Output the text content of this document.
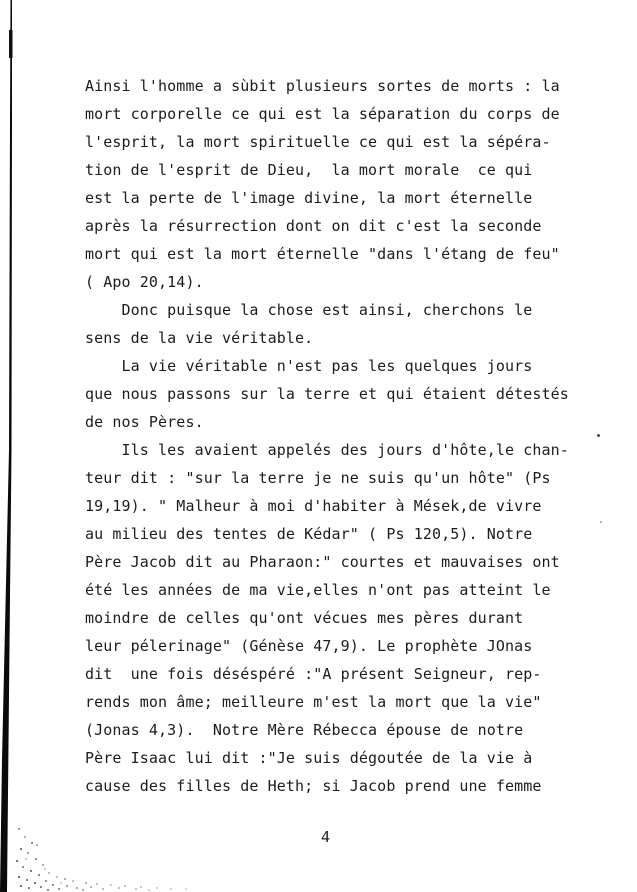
Ainsi l'homme a sùbit plusieurs sortes de morts : la
mort corporelle ce qui est la séparation du corps de
l'esprit, la mort spirituelle ce qui est la sépéra-
tion de l'esprit de Dieu,  la mort morale  ce qui
est la perte de l'image divine, la mort éternelle
après la résurrection dont on dit c'est la seconde
mort qui est la mort éternelle "dans l'étang de feu"
( Apo 20,14).
Donc puisque la chose est ainsi, cherchons le
sens de la vie véritable.
La vie véritable n'est pas les quelques jours
que nous passons sur la terre et qui étaient détestés
de nos Pères.
Ils les avaient appelés des jours d'hôte,le chan-
teur dit : "sur la terre je ne suis qu'un hôte" (Ps
19,19). " Malheur à moi d'habiter à Mések,de vivre
au milieu des tentes de Kédar" ( Ps 120,5). Notre
Père Jacob dit au Pharaon:" courtes et mauvaises ont
été les années de ma vie,elles n'ont pas atteint le
moindre de celles qu'ont vécues mes pères durant
leur pélerinage" (Génèse 47,9). Le prophète JOnas
dit  une fois déséspéré :"A présent Seigneur, rep-
rends mon âme; meilleure m'est la mort que la vie"
(Jonas 4,3).  Notre Mère Rébecca épouse de notre
Père Isaac lui dit :"Je suis dégoutée de la vie à
cause des filles de Heth; si Jacob prend une femme
4
